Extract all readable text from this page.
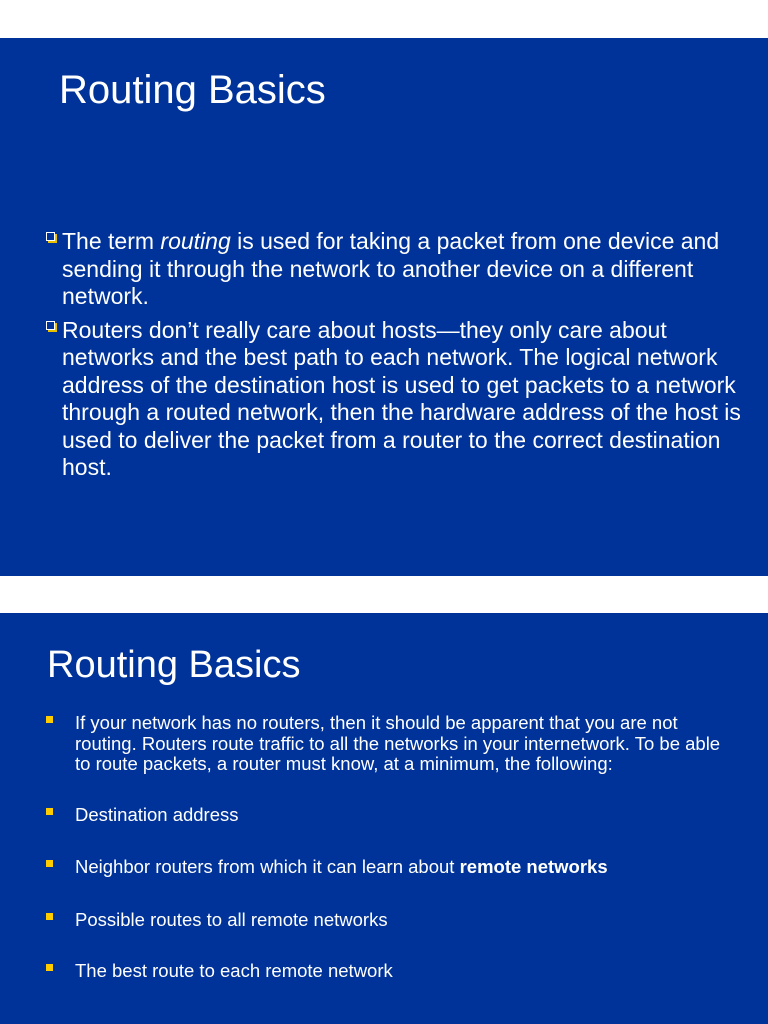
Routing Basics
The term routing is used for taking a packet from one device and sending it through the network to another device on a different network.
Routers don’t really care about hosts—they only care about networks and the best path to each network. The logical network address of the destination host is used to get packets to a network through a routed network, then the hardware address of the host is used to deliver the packet from a router to the correct destination host.
Routing Basics
If your network has no routers, then it should be apparent that you are not routing. Routers route traffic to all the networks in your internetwork. To be able to route packets, a router must know, at a minimum, the following:
Destination address
Neighbor routers from which it can learn about remote networks
Possible routes to all remote networks
The best route to each remote network
